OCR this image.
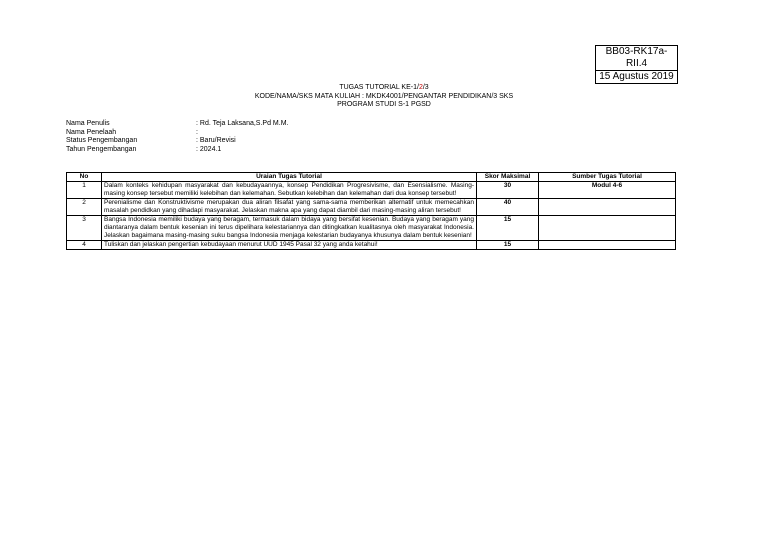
BB03-RK17a-RII.4
15 Agustus 2019
TUGAS TUTORIAL KE-1/2/3
KODE/NAMA/SKS MATA KULIAH : MKDK4001/PENGANTAR PENDIDIKAN/3 SKS
PROGRAM STUDI S-1 PGSD
Nama Penulis	: Rd. Teja Laksana,S.Pd M.M.
Nama Penelaah	:
Status Pengembangan	: Baru/Revisi
Tahun Pengembangan	: 2024.1
No	Uraian Tugas Tutorial	Skor Maksimal	Sumber Tugas Tutorial
1	Dalam konteks kehidupan masyarakat dan kebudayaannya, konsep Pendidikan Progresivisme, dan Esensialisme. Masing-masing konsep tersebut memiliki kelebihan dan kelemahan. Sebutkan kelebihan dan kelemahan dari dua konsep tersebut!	30	Modul 4-6
2	Perenialisme dan Konstruktivisme merupakan dua aliran filsafat yang sama-sama memberikan alternatif untuk memecahkan masalah pendidkan yang dihadapi masyarakat. Jelaskan makna apa yang dapat diambil dari masing-masing aliran tersebut!	40	
3	Bangsa Indonesia memiliki budaya yang beragam, termasuk dalam bidaya yang bersifat kesenian. Budaya yang beragam yang diantaranya dalam bentuk kesenian ini terus dipelihara kelestariannya dan ditingkatkan kualitasnya oleh masyarakat Indonesia. Jelaskan bagaimana masing-masing suku bangsa Indonesia menjaga kelestarian budayanya khusunya dalam bentuk kesenian!	15	
4	Tuliskan dan jelaskan pengertian kebudayaan menurut UUD 1945 Pasal 32 yang anda ketahui!	15	
